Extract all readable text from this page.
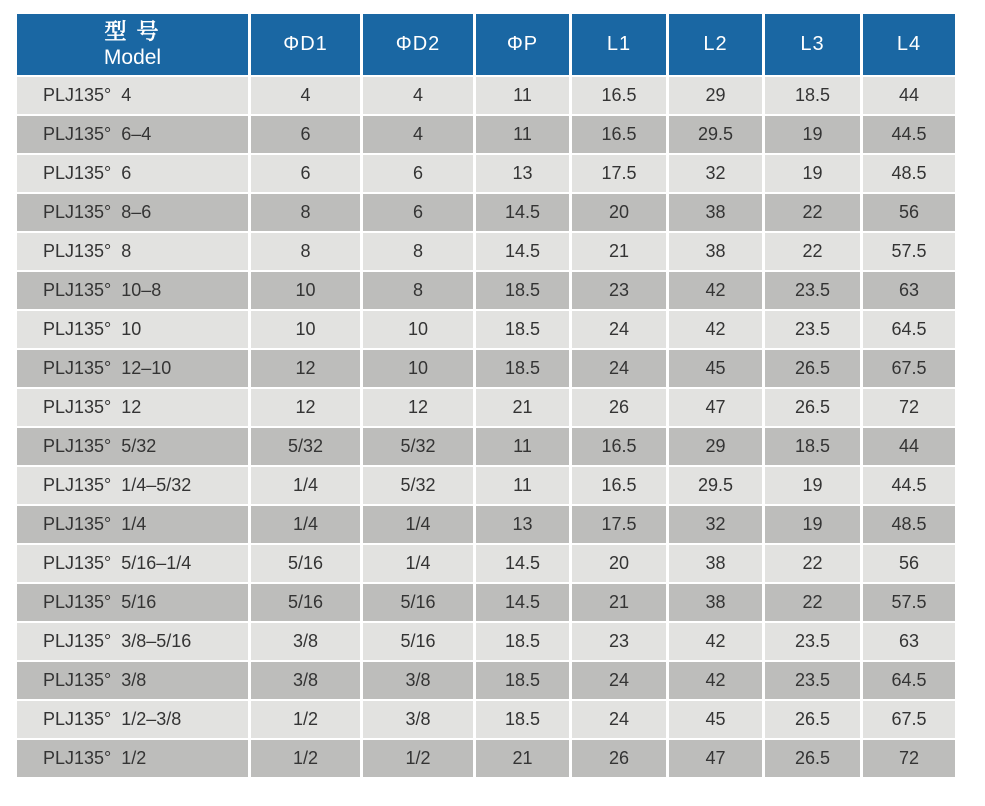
型 号
Model	ΦD1	ΦD2	ΦP	L1	L2	L3	L4
PLJ135°  4	4	4	11	16.5	29	18.5	44
PLJ135°  6–4	6	4	11	16.5	29.5	19	44.5
PLJ135°  6	6	6	13	17.5	32	19	48.5
PLJ135°  8–6	8	6	14.5	20	38	22	56
PLJ135°  8	8	8	14.5	21	38	22	57.5
PLJ135°  10–8	10	8	18.5	23	42	23.5	63
PLJ135°  10	10	10	18.5	24	42	23.5	64.5
PLJ135°  12–10	12	10	18.5	24	45	26.5	67.5
PLJ135°  12	12	12	21	26	47	26.5	72
PLJ135°  5/32	5/32	5/32	11	16.5	29	18.5	44
PLJ135°  1/4–5/32	1/4	5/32	11	16.5	29.5	19	44.5
PLJ135°  1/4	1/4	1/4	13	17.5	32	19	48.5
PLJ135°  5/16–1/4	5/16	1/4	14.5	20	38	22	56
PLJ135°  5/16	5/16	5/16	14.5	21	38	22	57.5
PLJ135°  3/8–5/16	3/8	5/16	18.5	23	42	23.5	63
PLJ135°  3/8	3/8	3/8	18.5	24	42	23.5	64.5
PLJ135°  1/2–3/8	1/2	3/8	18.5	24	45	26.5	67.5
PLJ135°  1/2	1/2	1/2	21	26	47	26.5	72
